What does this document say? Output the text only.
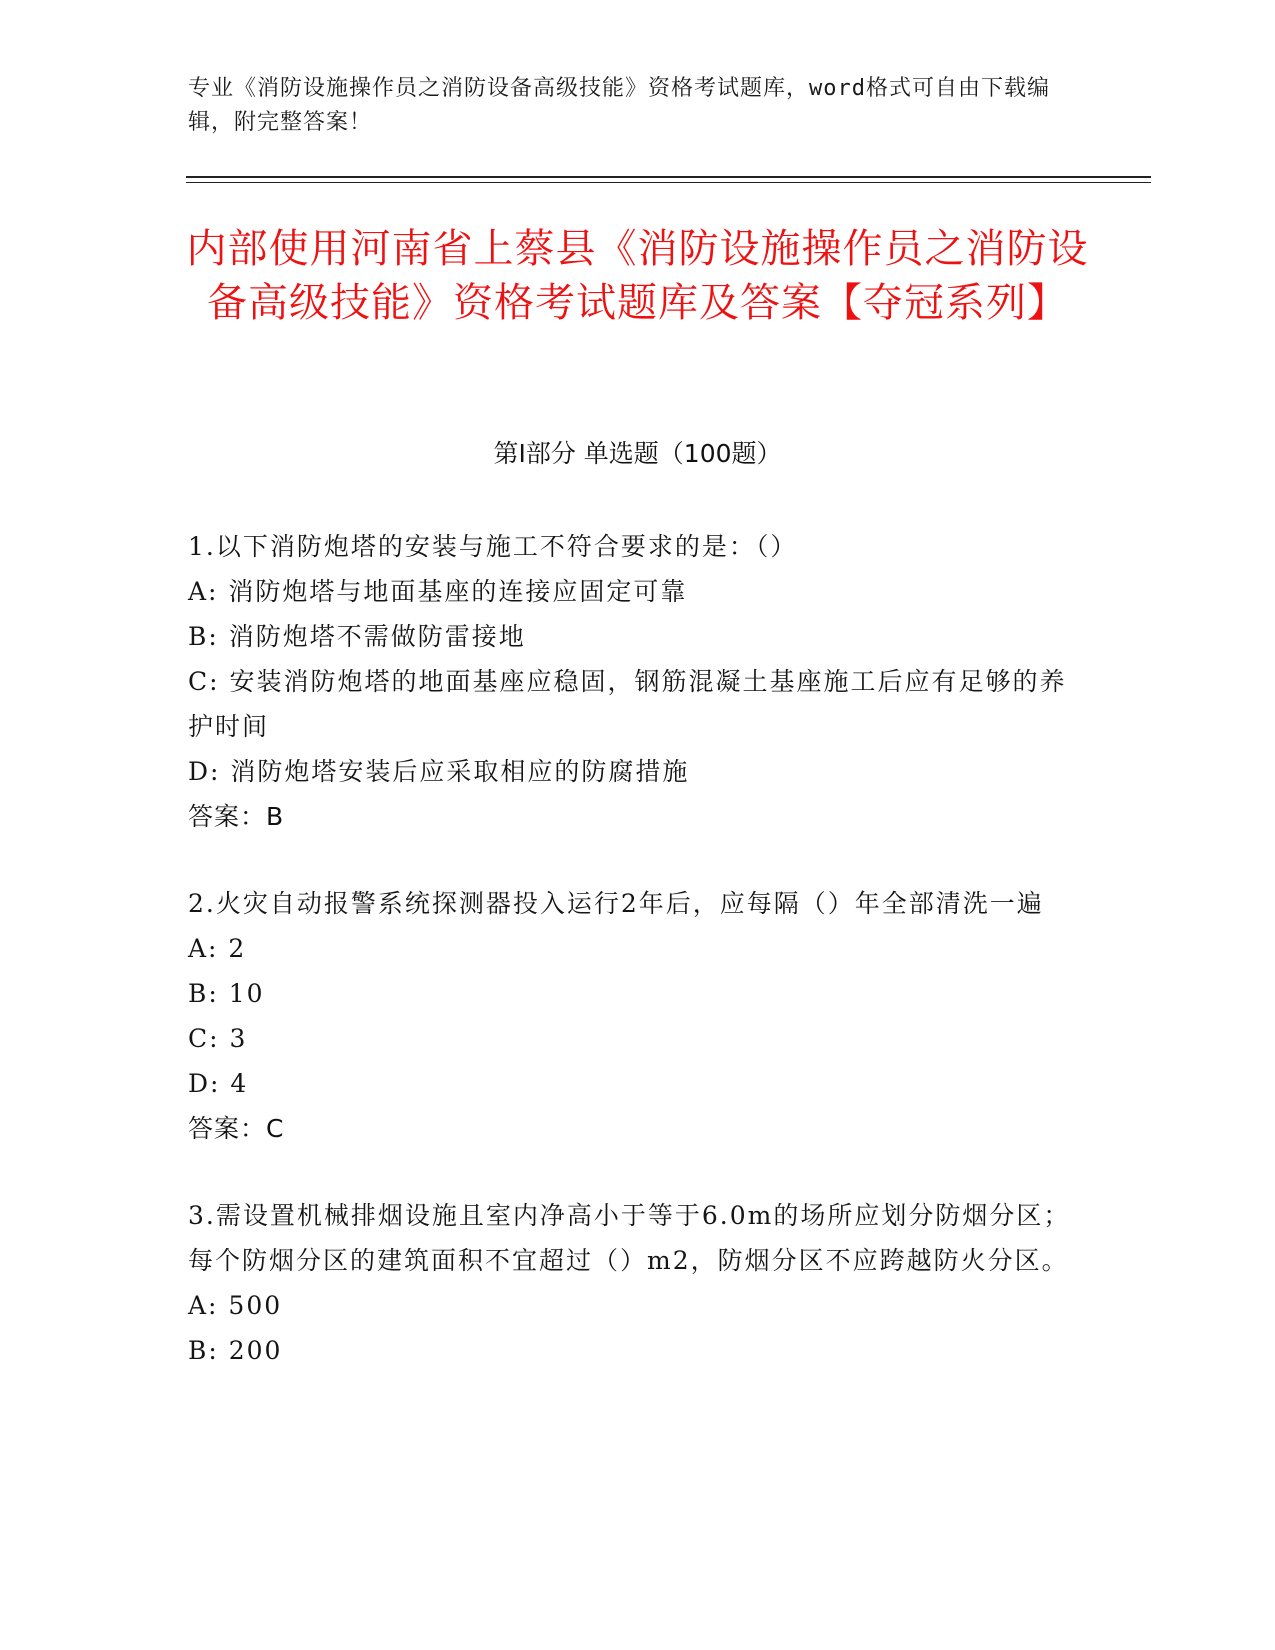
专业《消防设施操作员之消防设备高级技能》资格考试题库，word格式可自由下载编辑，附完整答案！
内部使用河南省上蔡县《消防设施操作员之消防设备高级技能》资格考试题库及答案【夺冠系列】
第I部分 单选题（100题）

1.以下消防炮塔的安装与施工不符合要求的是：（）

A: 消防炮塔与地面基座的连接应固定可靠

B: 消防炮塔不需做防雷接地

C: 安装消防炮塔的地面基座应稳固，钢筋混凝土基座施工后应有足够的养护时间

D: 消防炮塔安装后应采取相应的防腐措施

答案：B

2.火灾自动报警系统探测器投入运行2年后，应每隔（）年全部清洗一遍

A: 2

B: 10

C: 3

D: 4

答案：C

3.需设置机械排烟设施且室内净高小于等于6.0m的场所应划分防烟分区；每个防烟分区的建筑面积不宜超过（）m2，防烟分区不应跨越防火分区。

A: 500

B: 200
